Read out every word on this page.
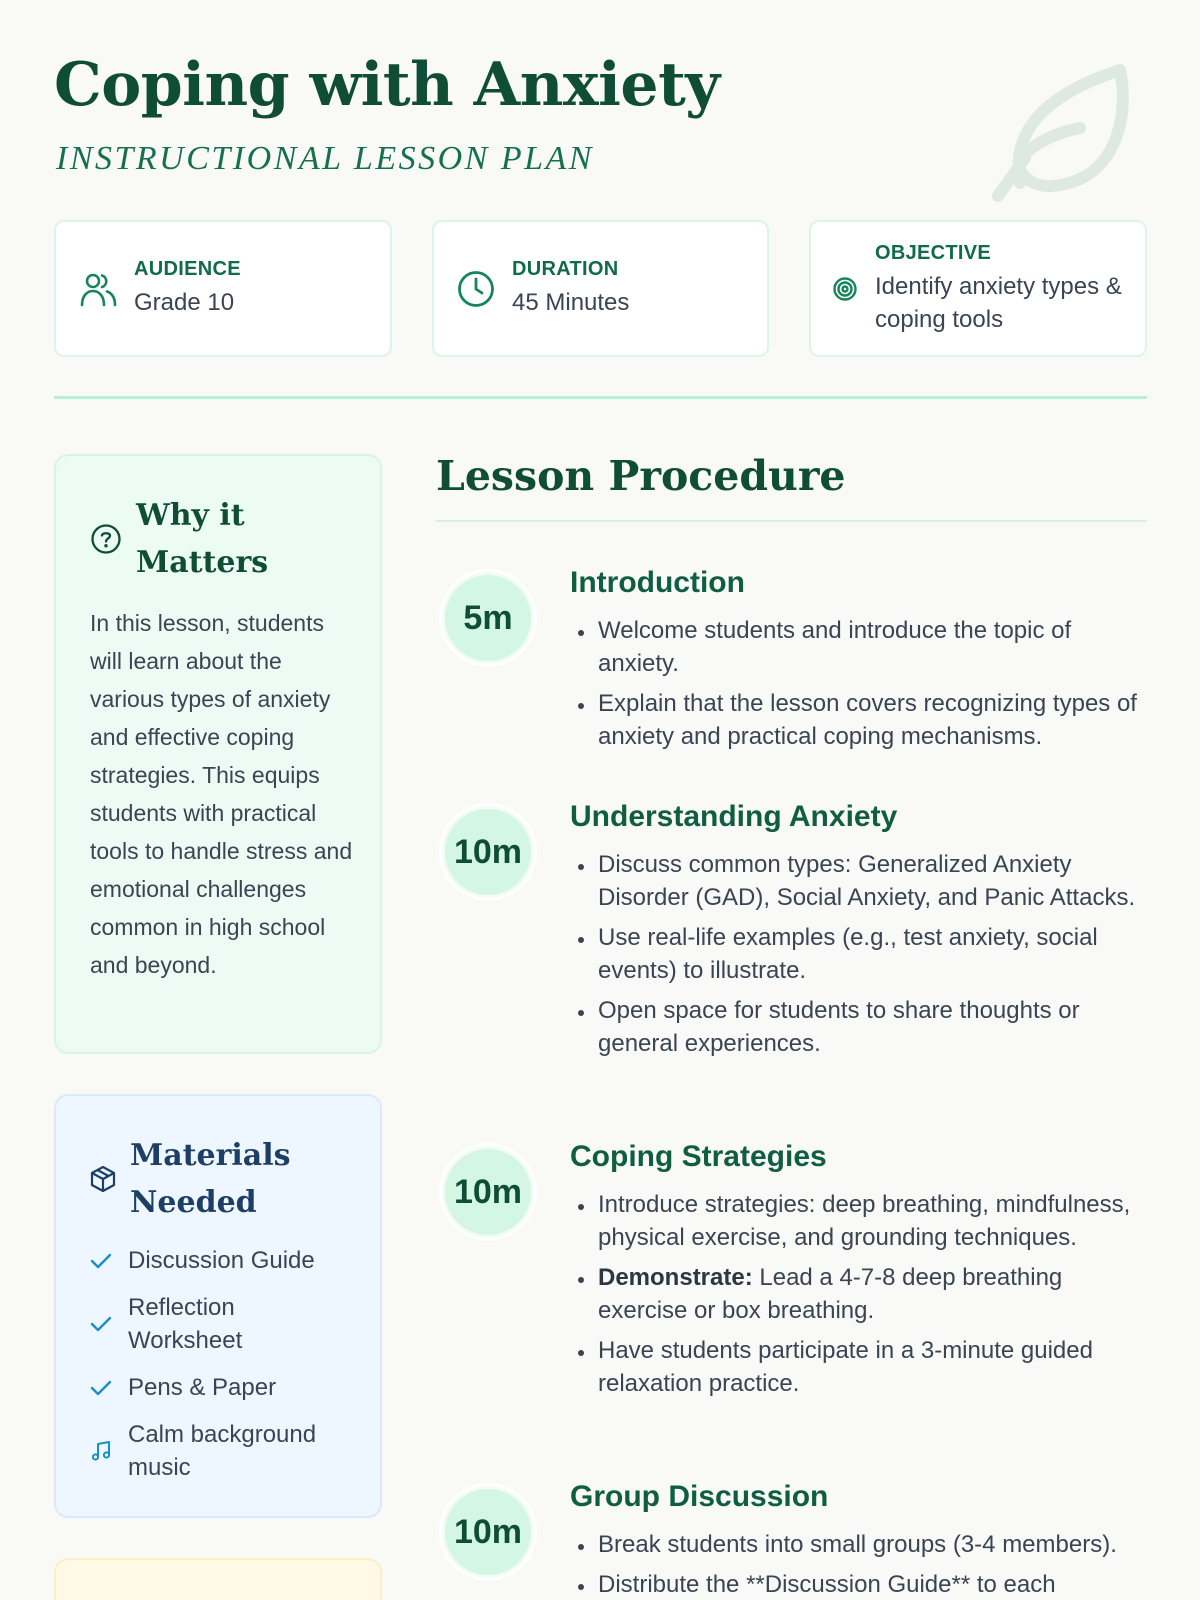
Coping with Anxiety
INSTRUCTIONAL LESSON PLAN
AUDIENCE
Grade 10
DURATION
45 Minutes
OBJECTIVE
Identify anxiety types & coping tools
Why it Matters
In this lesson, students will learn about the various types of anxiety and effective coping strategies. This equips students with practical tools to handle stress and emotional challenges common in high school and beyond.
Materials Needed
Discussion Guide
Reflection Worksheet
Pens & Paper
Calm background music
Lesson Procedure
5m
Introduction
• Welcome students and introduce the topic of anxiety.
• Explain that the lesson covers recognizing types of anxiety and practical coping mechanisms.
10m
Understanding Anxiety
• Discuss common types: Generalized Anxiety Disorder (GAD), Social Anxiety, and Panic Attacks.
• Use real-life examples (e.g., test anxiety, social events) to illustrate.
• Open space for students to share thoughts or general experiences.
10m
Coping Strategies
• Introduce strategies: deep breathing, mindfulness, physical exercise, and grounding techniques.
• Demonstrate: Lead a 4-7-8 deep breathing exercise or box breathing.
• Have students participate in a 3-minute guided relaxation practice.
10m
Group Discussion
• Break students into small groups (3-4 members).
• Distribute the **Discussion Guide** to each
